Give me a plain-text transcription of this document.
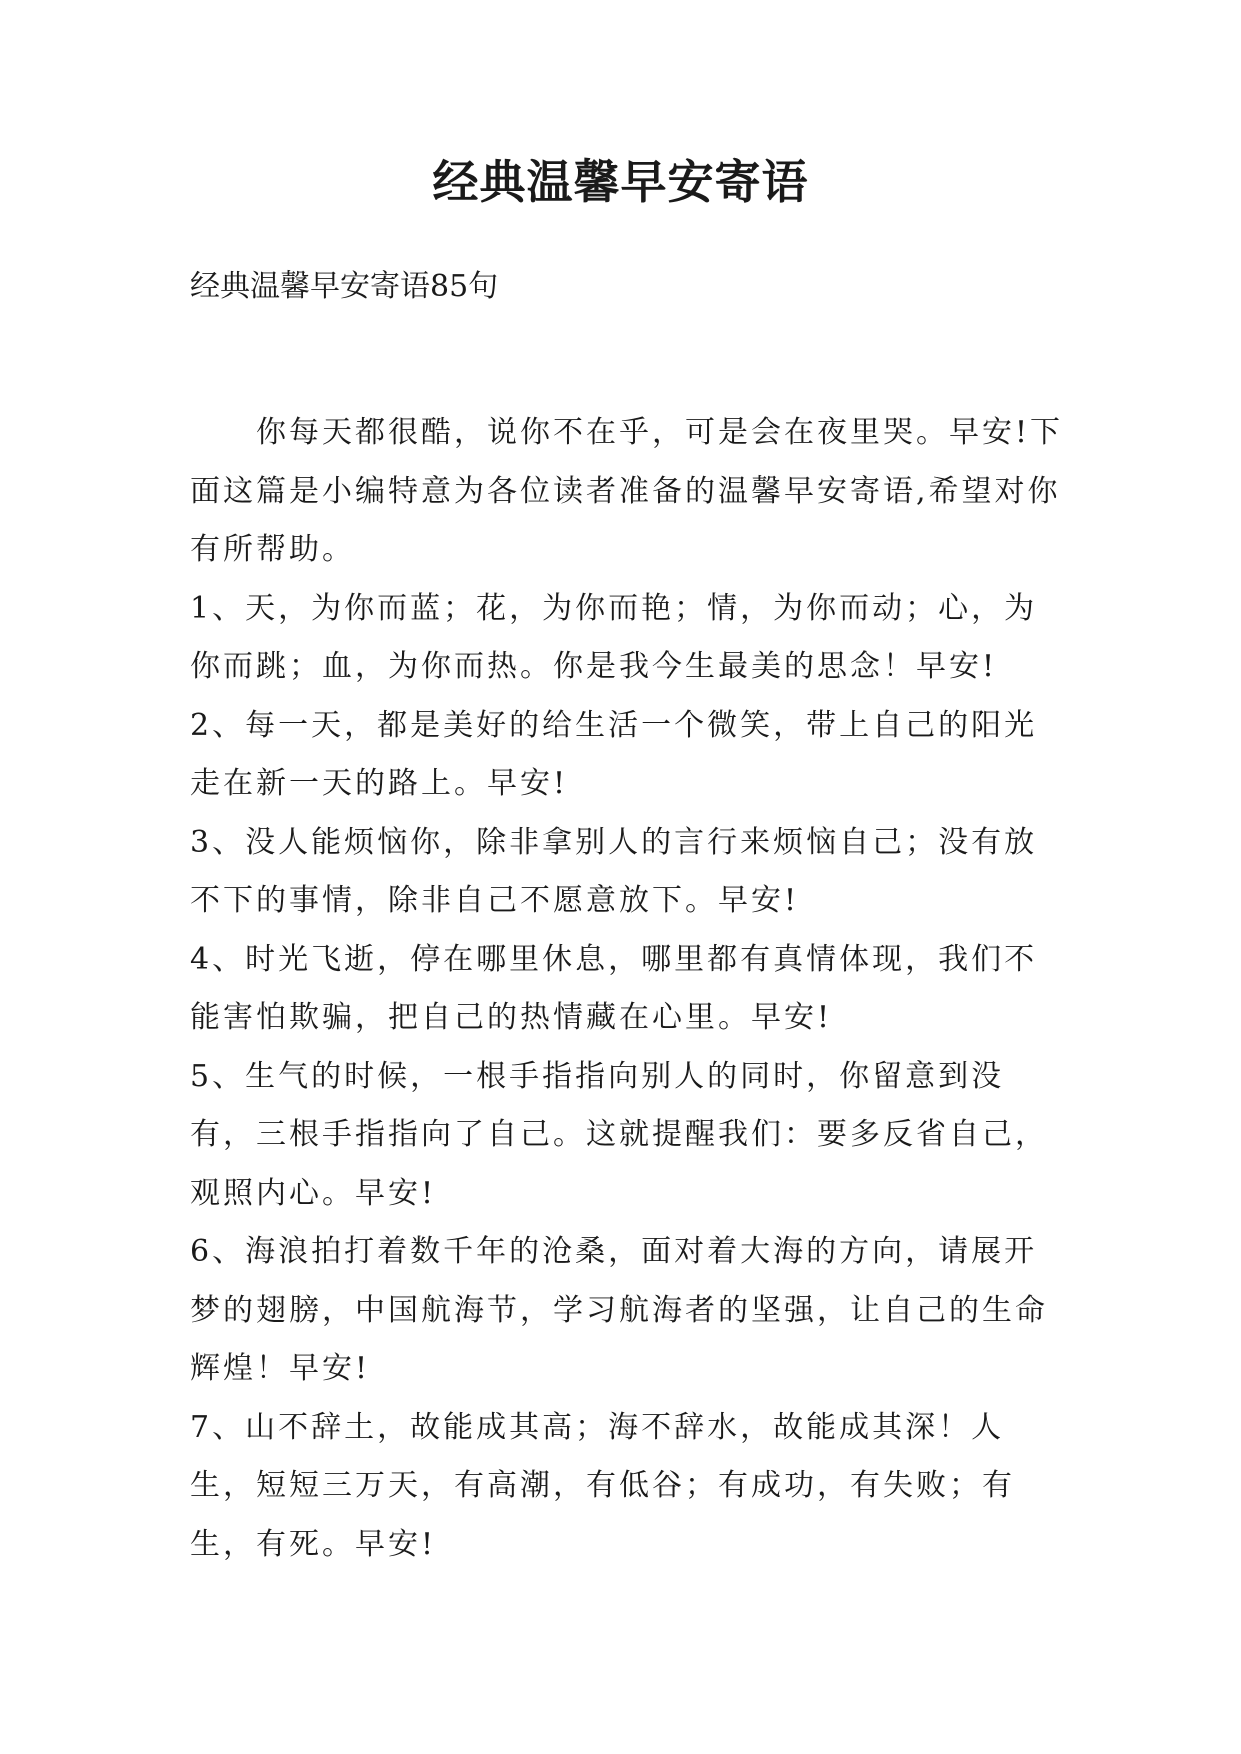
经典温馨早安寄语
经典温馨早安寄语85句

你每天都很酷，说你不在乎，可是会在夜里哭。早安!下面这篇是小编特意为各位读者准备的温馨早安寄语,希望对你有所帮助。

1、天，为你而蓝；花，为你而艳；情，为你而动；心，为你而跳；血，为你而热。你是我今生最美的思念！早安!

2、每一天，都是美好的给生活一个微笑，带上自己的阳光走在新一天的路上。早安!

3、没人能烦恼你，除非拿别人的言行来烦恼自己；没有放不下的事情，除非自己不愿意放下。早安!

4、时光飞逝，停在哪里休息，哪里都有真情体现，我们不能害怕欺骗，把自己的热情藏在心里。早安!

5、生气的时候，一根手指指向别人的同时，你留意到没有，三根手指指向了自己。这就提醒我们：要多反省自己，观照内心。早安!

6、海浪拍打着数千年的沧桑，面对着大海的方向，请展开梦的翅膀，中国航海节，学习航海者的坚强，让自己的生命辉煌！早安!

7、山不辞土，故能成其高；海不辞水，故能成其深！人生，短短三万天，有高潮，有低谷；有成功，有失败；有生，有死。早安!
